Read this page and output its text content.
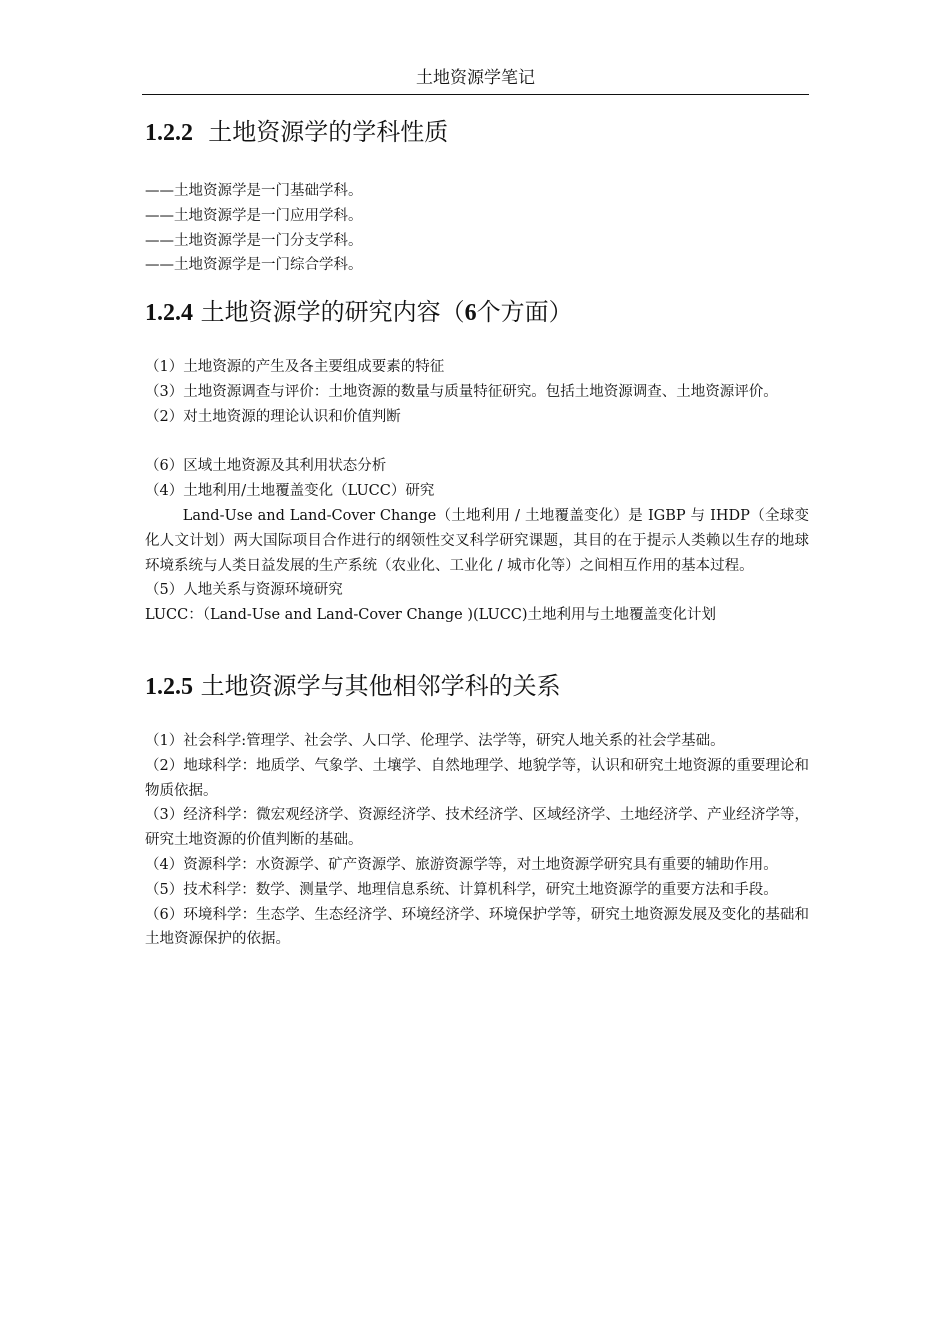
土地资源学笔记
1.2.2 土地资源学的学科性质

——土地资源学是一门基础学科。

——土地资源学是一门应用学科。

——土地资源学是一门分支学科。

——土地资源学是一门综合学科。

1.2.4 土地资源学的研究内容（6个方面）

（1）土地资源的产生及各主要组成要素的特征

（3）土地资源调查与评价：土地资源的数量与质量特征研究。包括土地资源调查、土地资源评价。

（2）对土地资源的理论认识和价值判断

（6）区域土地资源及其利用状态分析

（4）土地利用/土地覆盖变化（LUCC）研究

Land-Use and Land-Cover Change（土地利用 / 土地覆盖变化）是 IGBP 与 IHDP（全球变化人文计划）两大国际项目合作进行的纲领性交叉科学研究课题，其目的在于提示人类赖以生存的地球环境系统与人类日益发展的生产系统（农业化、工业化 / 城市化等）之间相互作用的基本过程。

（5）人地关系与资源环境研究

LUCC：（Land-Use and Land-Cover Change )(LUCC)土地利用与土地覆盖变化计划

1.2.5 土地资源学与其他相邻学科的关系

（1）社会科学:管理学、社会学、人口学、伦理学、法学等，研究人地关系的社会学基础。

（2）地球科学：地质学、气象学、土壤学、自然地理学、地貌学等，认识和研究土地资源的重要理论和物质依据。

（3）经济科学：微宏观经济学、资源经济学、技术经济学、区域经济学、土地经济学、产业经济学等，研究土地资源的价值判断的基础。

（4）资源科学：水资源学、矿产资源学、旅游资源学等，对土地资源学研究具有重要的辅助作用。

（5）技术科学：数学、测量学、地理信息系统、计算机科学，研究土地资源学的重要方法和手段。

（6）环境科学：生态学、生态经济学、环境经济学、环境保护学等，研究土地资源发展及变化的基础和土地资源保护的依据。
